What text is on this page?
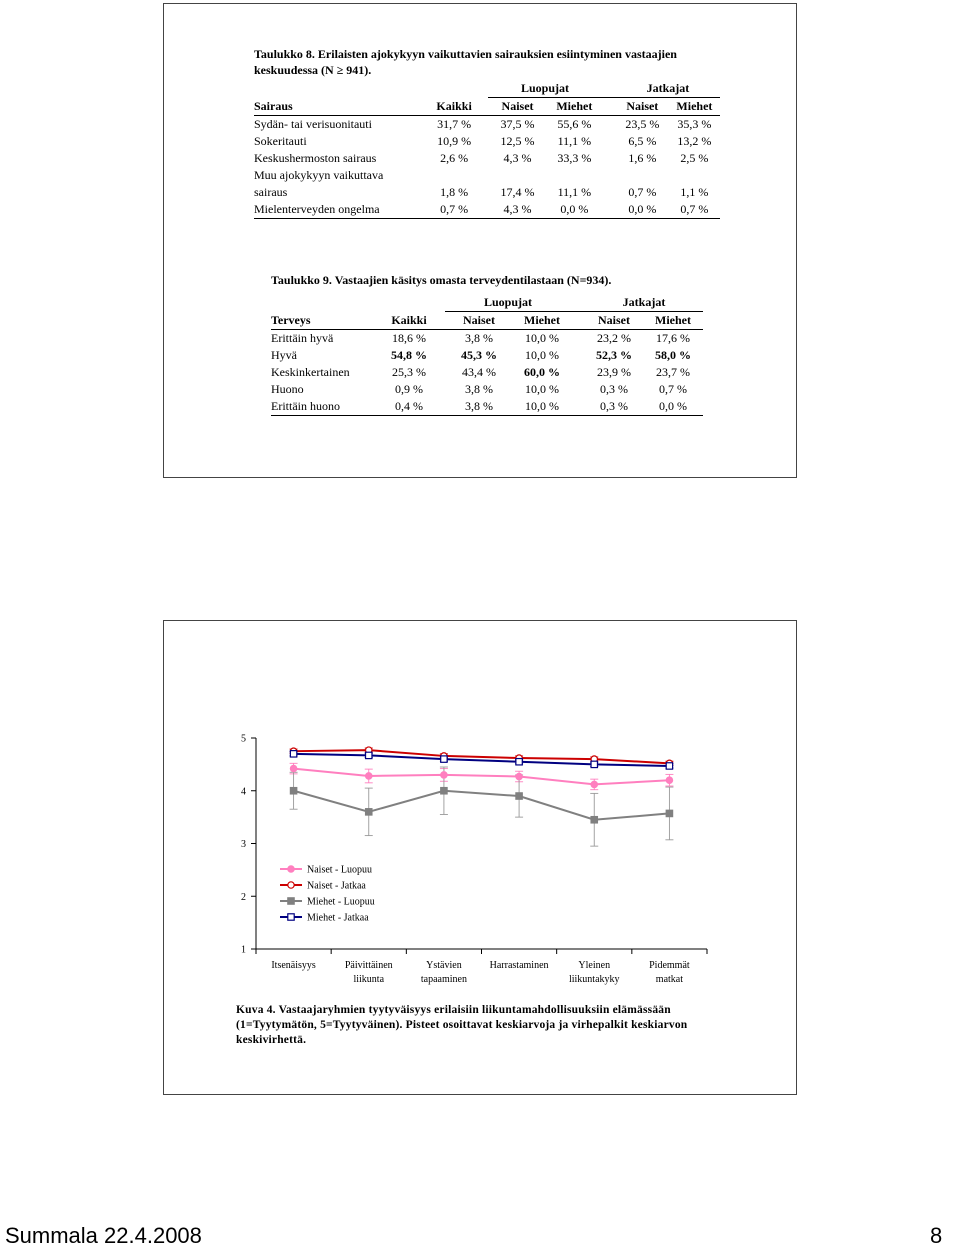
Taulukko 8. Erilaisten ajokykyyn vaikuttavien sairauksien esiintyminen vastaajien keskuudessa (N ≥ 941).
		Luopujat		Jatkajat	
Sairaus	Kaikki	Naiset	Miehet	Naiset	Miehet
Sydän- tai verisuonitauti	31,7 %	37,5 %	55,6 %	23,5 %	35,3 %
Sokeritauti	10,9 %	12,5 %	11,1 %	6,5 %	13,2 %
Keskushermoston sairaus	2,6 %	4,3 %	33,3 %	1,6 %	2,5 %
Muu ajokykyyn vaikuttava					
sairaus	1,8 %	17,4 %	11,1 %	0,7 %	1,1 %
Mielenterveyden ongelma	0,7 %	4,3 %	0,0 %	0,0 %	0,7 %
Taulukko 9. Vastaajien käsitys omasta terveydentilastaan (N=934).
		Luopujat		Jatkajat	
Terveys	Kaikki	Naiset	Miehet	Naiset	Miehet
Erittäin hyvä	18,6 %	3,8 %	10,0 %	23,2 %	17,6 %
Hyvä	54,8 %	45,3 %	10,0 %	52,3 %	58,0 %
Keskinkertainen	25,3 %	43,4 %	60,0 %	23,9 %	23,7 %
Huono	0,9 %	3,8 %	10,0 %	0,3 %	0,7 %
Erittäin huono	0,4 %	3,8 %	10,0 %	0,3 %	0,0 %
1
2
3
4
5
Itsenäisyys	Päivittäinen
liikunta
Ystävien
tapaaminen
Harrastaminen	Yleinen
liikuntakyky
Pidemmät
matkat
Naiset - Luopuu
Naiset - Jatkaa
Miehet - Luopuu
Miehet - Jatkaa
Kuva 4. Vastaajaryhmien tyytyväisyys erilaisiin liikuntamahdollisuuksiin elämässään (1=Tyytymätön, 5=Tyytyväinen). Pisteet osoittavat keskiarvoja ja virhepalkit keskiarvon keskivirhettä.
Summala 22.4.2008	8
